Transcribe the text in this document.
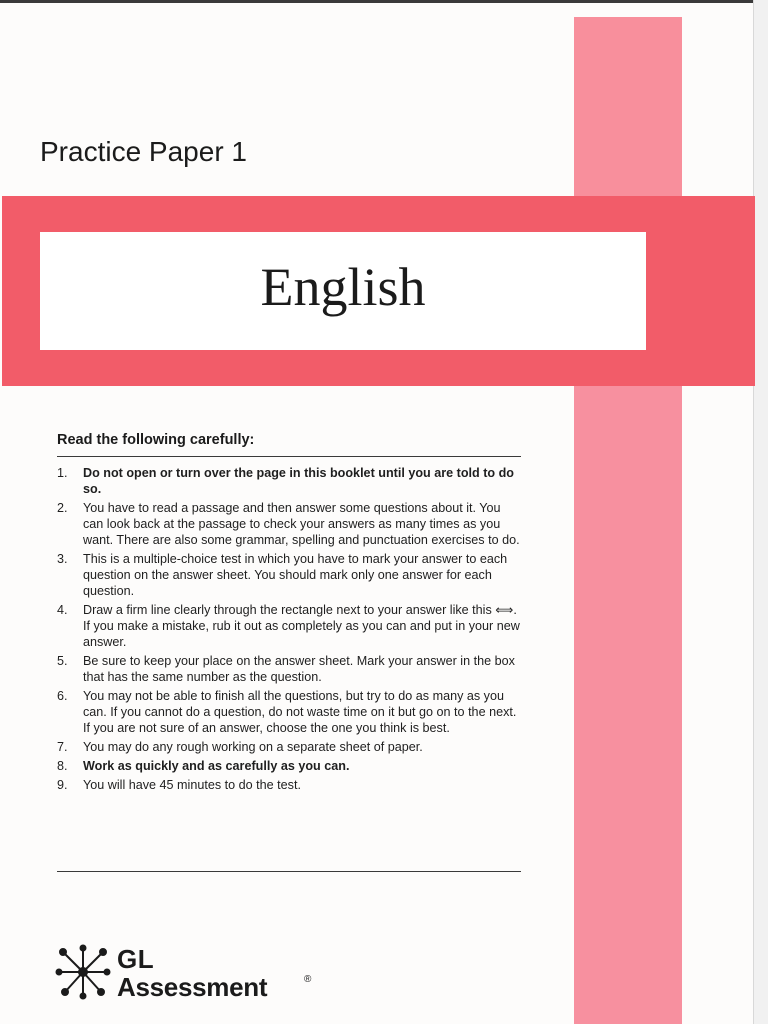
Practice Paper 1
English
Read the following carefully:
1.	Do not open or turn over the page in this booklet until you are told to do so.
2.	You have to read a passage and then answer some questions about it. You can look back at the passage to check your answers as many times as you want. There are also some grammar, spelling and punctuation exercises to do.
3.	This is a multiple-choice test in which you have to mark your answer to each question on the answer sheet. You should mark only one answer for each question.
4.	Draw a firm line clearly through the rectangle next to your answer like this ⟺. If you make a mistake, rub it out as completely as you can and put in your new answer.
5.	Be sure to keep your place on the answer sheet. Mark your answer in the box that has the same number as the question.
6.	You may not be able to finish all the questions, but try to do as many as you can. If you cannot do a question, do not waste time on it but go on to the next. If you are not sure of an answer, choose the one you think is best.
7.	You may do any rough working on a separate sheet of paper.
8.	Work as quickly and as carefully as you can.
9.	You will have 45 minutes to do the test.
GL
Assessment	®
